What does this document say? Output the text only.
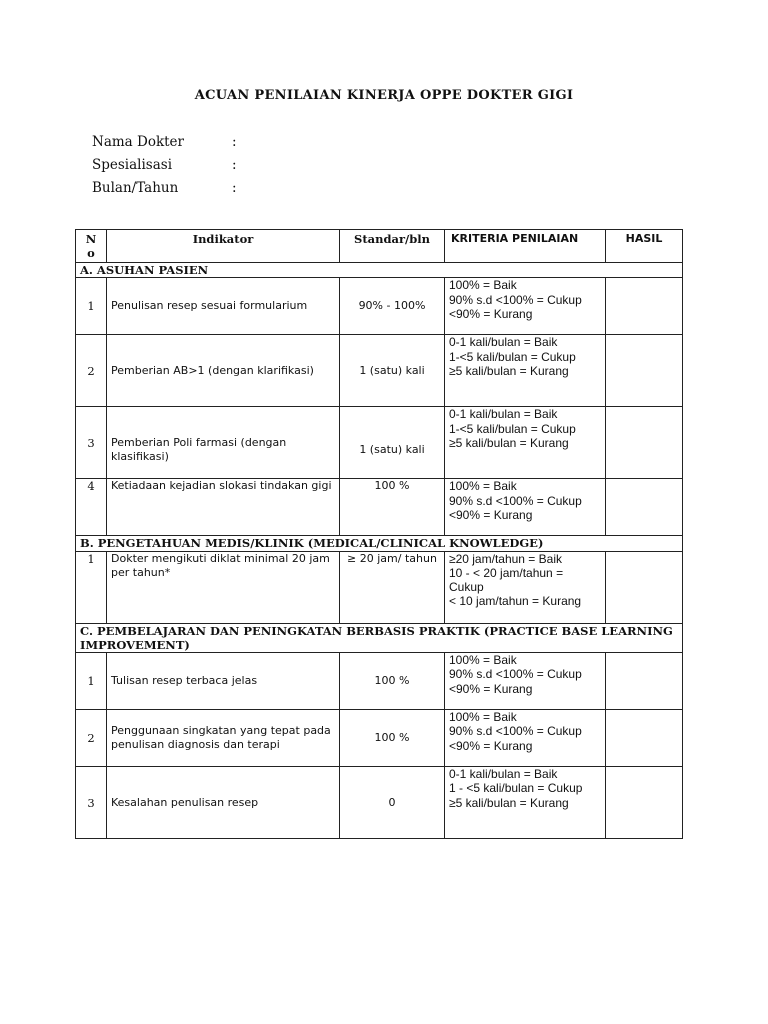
ACUAN PENILAIAN KINERJA OPPE DOKTER GIGI
Nama Dokter	:
Spesialisasi	:
Bulan/Tahun	:
N
o	Indikator	Standar/bln	KRITERIA PENILAIAN	HASIL
A. ASUHAN PASIEN				
1	Penulisan resep sesuai formularium	90% - 100%	100% = Baik
90% s.d <100% = Cukup
<90% = Kurang	

2	Pemberian AB>1 (dengan klarifikasi)	1 (satu) kali	0-1 kali/bulan = Baik
1-<5 kali/bulan = Cukup
≥5 kali/bulan = Kurang	

3	Pemberian Poli farmasi (dengan klasifikasi)	1 (satu) kali	0-1 kali/bulan = Baik
1-<5 kali/bulan = Cukup
≥5 kali/bulan = Kurang	

4	Ketiadaan kejadian slokasi tindakan gigi	100 %	100% = Baik
90% s.d <100% = Cukup
<90% = Kurang	

B. PENGETAHUAN MEDIS/KLINIK (MEDICAL/CLINICAL KNOWLEDGE)				
1	Dokter mengikuti diklat minimal 20 jam per tahun*	≥ 20 jam/ tahun	≥20 jam/tahun = Baik
10 - < 20 jam/tahun = Cukup
< 10 jam/tahun = Kurang	

C. PEMBELAJARAN DAN PENINGKATAN BERBASIS PRAKTIK (PRACTICE BASE LEARNING IMPROVEMENT)				
1	Tulisan resep terbaca jelas	100 %	100% = Baik
90% s.d <100% = Cukup
<90% = Kurang	

2	Penggunaan singkatan yang tepat pada penulisan diagnosis dan terapi	100 %	100% = Baik
90% s.d <100% = Cukup
<90% = Kurang	

3	Kesalahan penulisan resep	0	0-1 kali/bulan = Baik
1 - <5 kali/bulan = Cukup
≥5 kali/bulan = Kurang	
